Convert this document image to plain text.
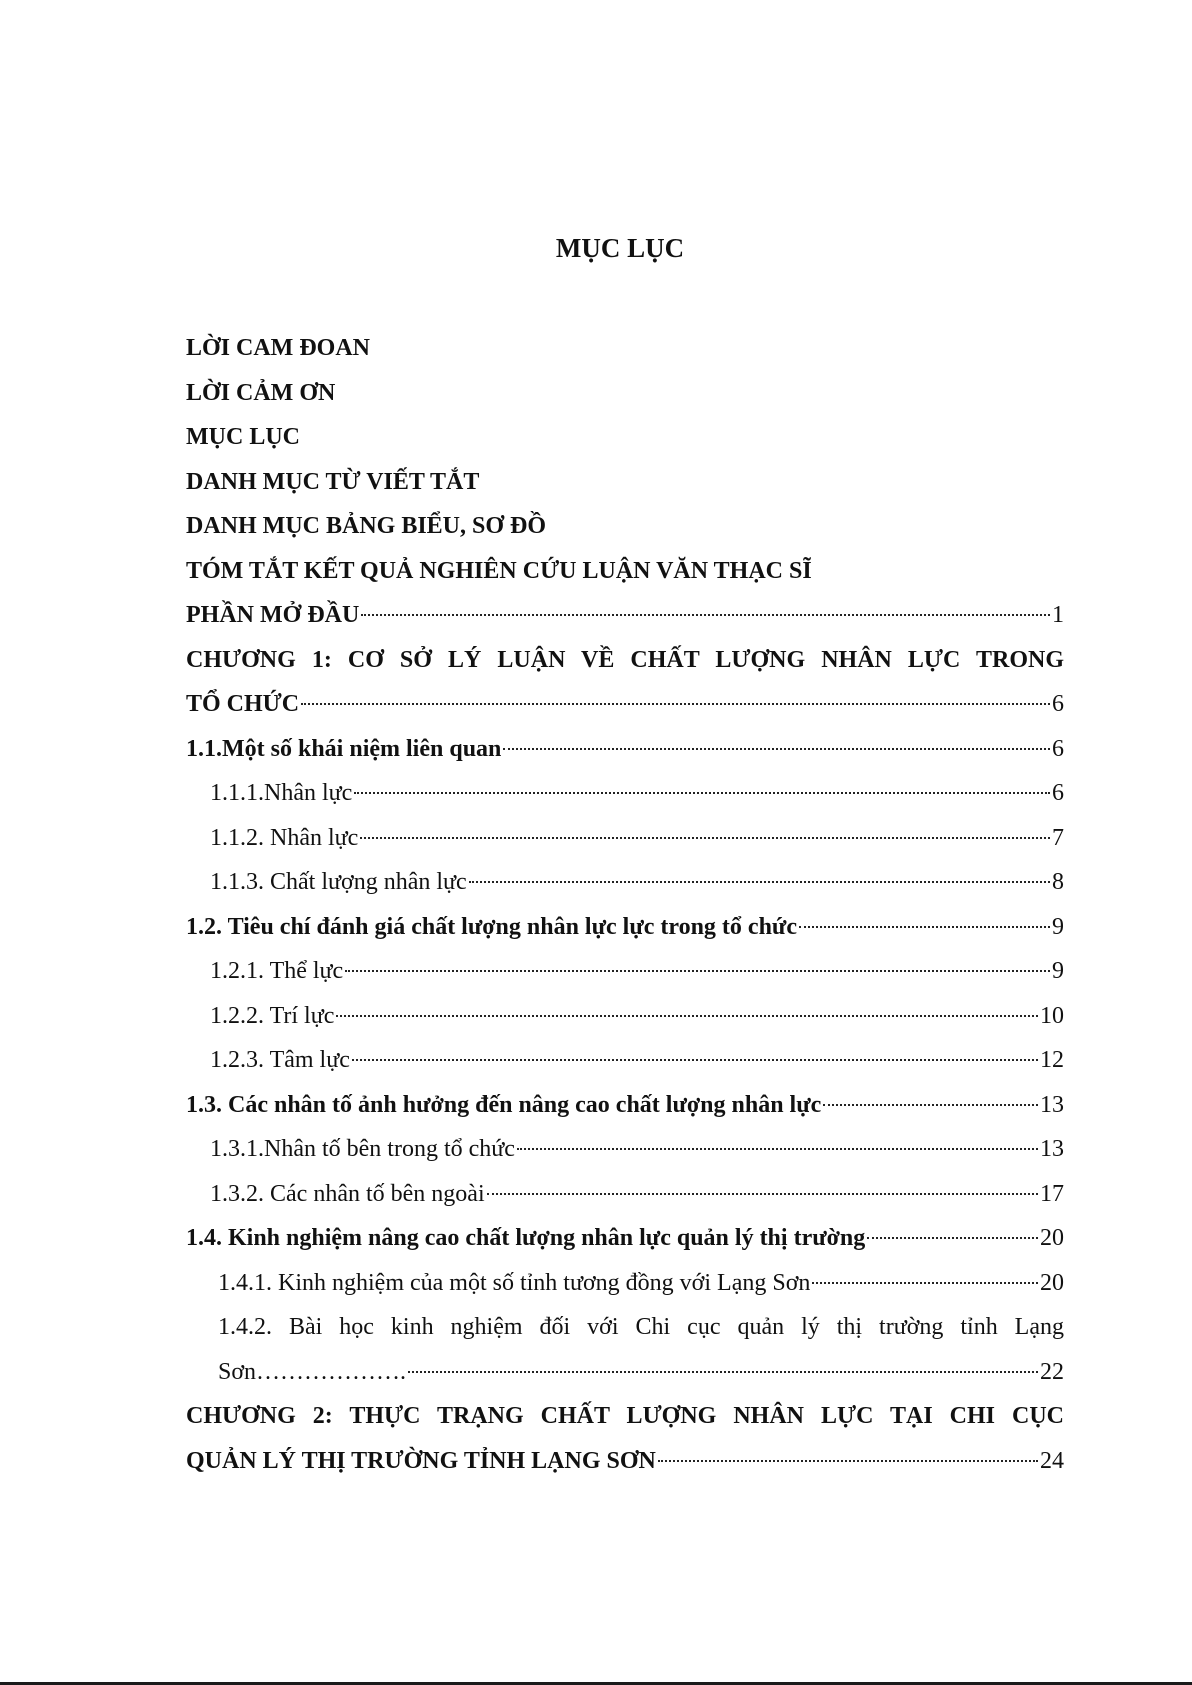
MỤC LỤC
LỜI CAM ĐOAN
LỜI CẢM ƠN
MỤC LỤC
DANH MỤC TỪ VIẾT TẮT
DANH MỤC BẢNG BIỂU, SƠ ĐỒ
TÓM TẮT KẾT QUẢ NGHIÊN CỨU LUẬN VĂN THẠC SĨ
PHẦN MỞ ĐẦU	1
CHƯƠNG 1: CƠ SỞ LÝ LUẬN VỀ CHẤT LƯỢNG NHÂN LỰC TRONG
TỔ CHỨC	6
1.1.Một số khái niệm liên quan	6
1.1.1.Nhân lực	6
1.1.2. Nhân lực	7
1.1.3. Chất lượng nhân lực	8
1.2. Tiêu chí đánh giá chất lượng nhân lực lực trong tổ chức	9
1.2.1. Thể lực	9
1.2.2. Trí lực	10
1.2.3. Tâm lực	12
1.3. Các nhân tố ảnh hưởng đến nâng cao chất lượng nhân lực	13
1.3.1.Nhân tố bên trong tổ chức	13
1.3.2. Các nhân tố bên ngoài	17
1.4. Kinh nghiệm nâng cao chất lượng nhân lực quản lý thị trường	20
1.4.1. Kinh nghiệm của một số tỉnh tương đồng với Lạng Sơn	20
1.4.2. Bài học kinh nghiệm đối với Chi cục quản lý thị trường tỉnh Lạng
Sơn……………….	22
CHƯƠNG 2: THỰC TRẠNG CHẤT LƯỢNG NHÂN LỰC TẠI CHI CỤC
QUẢN LÝ THỊ TRƯỜNG TỈNH LẠNG SƠN	24
